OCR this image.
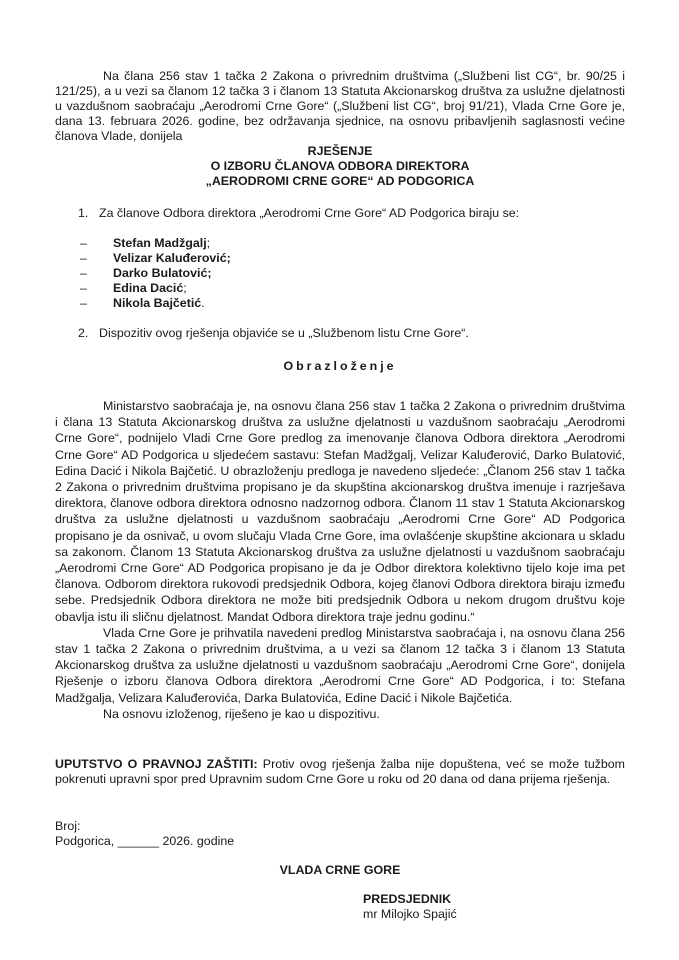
Na člana 256 stav 1 tačka 2 Zakona o privrednim društvima („Službeni list CG“, br. 90/25 i 121/25), a u vezi sa članom 12 tačka 3 i članom 13 Statuta Akcionarskog društva za uslužne djelatnosti u vazdušnom saobraćaju „Aerodromi Crne Gore“ („Službeni list CG“, broj 91/21), Vlada Crne Gore je, dana 13. februara 2026. godine, bez održavanja sjednice, na osnovu pribavljenih saglasnosti većine članova Vlade, donijela
RJEŠENJE
O IZBORU ČLANOVA ODBORA DIREKTORA
„AERODROMI CRNE GORE“ AD PODGORICA
1. Za članove Odbora direktora „Aerodromi Crne Gore“ AD Podgorica biraju se:
– Stefan Madžgalj;
– Velizar Kaluđerović;
– Darko Bulatović;
– Edina Dacić;
– Nikola Bajčetić.
2. Dispozitiv ovog rješenja objaviće se u „Službenom listu Crne Gore“.
Obrazloženje

Ministarstvo saobraćaja je, na osnovu člana 256 stav 1 tačka 2 Zakona o privrednim društvima i člana 13 Statuta Akcionarskog društva za uslužne djelatnosti u vazdušnom saobraćaju „Aerodromi Crne Gore“, podnijelo Vladi Crne Gore predlog za imenovanje članova Odbora direktora „Aerodromi Crne Gore“ AD Podgorica u sljedećem sastavu: Stefan Madžgalj, Velizar Kaluđerović, Darko Bulatović, Edina Dacić i Nikola Bajčetić. U obrazloženju predloga je navedeno sljedeće: „Članom 256 stav 1 tačka 2 Zakona o privrednim društvima propisano je da skupština akcionarskog društva imenuje i razrješava direktora, članove odbora direktora odnosno nadzornog odbora. Članom 11 stav 1 Statuta Akcionarskog društva za uslužne djelatnosti u vazdušnom saobraćaju „Aerodromi Crne Gore“ AD Podgorica propisano je da osnivač, u ovom slučaju Vlada Crne Gore, ima ovlašćenje skupštine akcionara u skladu sa zakonom. Članom 13 Statuta Akcionarskog društva za uslužne djelatnosti u vazdušnom saobraćaju „Aerodromi Crne Gore“ AD Podgorica propisano je da je Odbor direktora kolektivno tijelo koje ima pet članova. Odborom direktora rukovodi predsjednik Odbora, kojeg članovi Odbora direktora biraju između sebe. Predsjednik Odbora direktora ne može biti predsjednik Odbora u nekom drugom društvu koje obavlja istu ili sličnu djelatnost. Mandat Odbora direktora traje jednu godinu.“

Vlada Crne Gore je prihvatila navedeni predlog Ministarstva saobraćaja i, na osnovu člana 256 stav 1 tačka 2 Zakona o privrednim društvima, a u vezi sa članom 12 tačka 3 i članom 13 Statuta Akcionarskog društva za uslužne djelatnosti u vazdušnom saobraćaju „Aerodromi Crne Gore“, donijela Rješenje o izboru članova Odbora direktora „Aerodromi Crne Gore“ AD Podgorica, i to: Stefana Madžgalja, Velizara Kaluđerovića, Darka Bulatovića, Edine Dacić i Nikole Bajčetića.

Na osnovu izloženog, riješeno je kao u dispozitivu.

UPUTSTVO O PRAVNOJ ZAŠTITI: Protiv ovog rješenja žalba nije dopuštena, već se može tužbom pokrenuti upravni spor pred Upravnim sudom Crne Gore u roku od 20 dana od dana prijema rješenja.
Broj:
Podgorica, ______ 2026. godine
VLADA CRNE GORE
PREDSJEDNIK
mr Milojko Spajić
